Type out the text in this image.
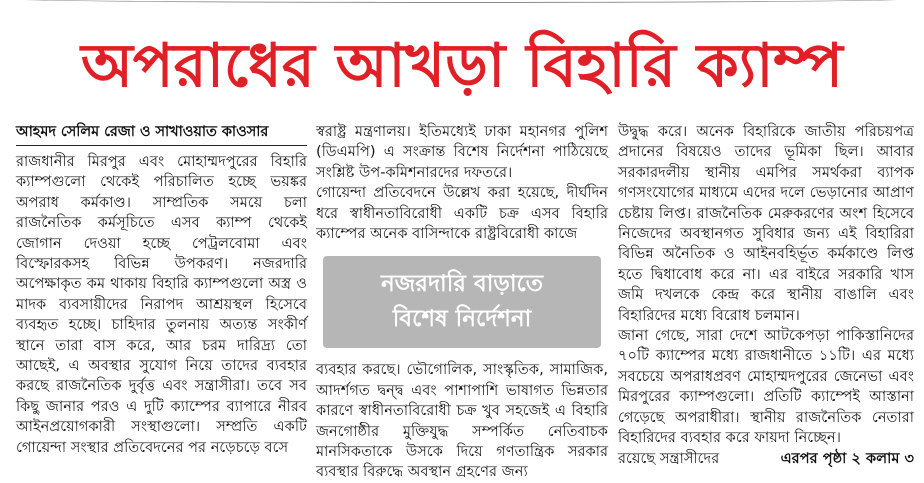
অপরাধের আখড়া বিহারি ক্যাম্প
আহমদ সেলিম রেজা ও সাখাওয়াত কাওসার

রাজধানীর মিরপুর এবং মোহাম্মদপুরের বিহারি ক্যাম্পগুলো থেকেই পরিচালিত হচ্ছে ভয়ঙ্কর অপরাধ কর্মকাণ্ড। সাম্প্রতিক সময়ে চলা রাজনৈতিক কর্মসূচিতে এসব ক্যাম্প থেকেই জোগান দেওয়া হচ্ছে পেট্রলবোমা এবং বিস্ফোরকসহ বিভিন্ন উপকরণ। নজরদারি অপেক্ষাকৃত কম থাকায় বিহারি ক্যাম্পগুলো অস্ত্র ও মাদক ব্যবসায়ীদের নিরাপদ আশ্রয়স্থল হিসেবে ব্যবহৃত হচ্ছে। চাহিদার তুলনায় অত্যন্ত সংকীর্ণ স্থানে তারা বাস করে, আর চরম দারিদ্র্য তো আছেই, এ অবস্থার সুযোগ নিয়ে তাদের ব্যবহার করছে রাজনৈতিক দুর্বৃত্ত এবং সন্ত্রাসীরা। তবে সব কিছু জানার পরও এ দুটি ক্যাম্পের ব্যাপারে নীরব আইনপ্রয়োগকারী সংস্থাগুলো। সম্প্রতি একটি গোয়েন্দা সংস্থার প্রতিবেদনের পর নড়েচড়ে বসে

স্বরাষ্ট্র মন্ত্রণালয়। ইতিমধ্যেই ঢাকা মহানগর পুলিশ (ডিএমপি) এ সংক্রান্ত বিশেষ নির্দেশনা পাঠিয়েছে সংশ্লিষ্ট উপ-কমিশনারদের দফতরে।

গোয়েন্দা প্রতিবেদনে উল্লেখ করা হয়েছে, দীর্ঘদিন ধরে স্বাধীনতাবিরোধী একটি চক্র এসব বিহারি ক্যাম্পের অনেক বাসিন্দাকে রাষ্ট্রবিরোধী কাজে

নজরদারি বাড়াতে
বিশেষ নির্দেশনা

ব্যবহার করছে। ভৌগোলিক, সাংস্কৃতিক, সামাজিক, আদর্শগত দ্বন্দ্ব এবং পাশাপাশি ভাষাগত ভিন্নতার কারণে স্বাধীনতাবিরোধী চক্র খুব সহজেই এ বিহারি জনগোষ্ঠীর মুক্তিযুদ্ধ সম্পর্কিত নেতিবাচক মানসিকতাকে উসকে দিয়ে গণতান্ত্রিক সরকার ব্যবস্থার বিরুদ্ধে অবস্থান গ্রহণের জন্য

উদ্বুদ্ধ করে। অনেক বিহারিকে জাতীয় পরিচয়পত্র প্রদানের বিষয়েও তাদের ভূমিকা ছিল। আবার সরকারদলীয় স্থানীয় এমপির সমর্থকরা ব্যাপক গণসংযোগের মাধ্যমে এদের দলে ভেড়ানোর আপ্রাণ চেষ্টায় লিপ্ত। রাজনৈতিক মেরুকরণের অংশ হিসেবে নিজেদের অবস্থানগত সুবিধার জন্য এই বিহারিরা বিভিন্ন অনৈতিক ও আইনবহির্ভূত কর্মকাণ্ডে লিপ্ত হতে দ্বিধাবোধ করে না। এর বাইরে সরকারি খাস জমি দখলকে কেন্দ্র করে স্থানীয় বাঙালি এবং বিহারিদের মধ্যে বিরোধ চলমান।

জানা গেছে, সারা দেশে আটকেপড়া পাকিস্তানিদের ৭০টি ক্যাম্পের মধ্যে রাজধানীতে ১১টি। এর মধ্যে সবচেয়ে অপরাধপ্রবণ মোহাম্মদপুরের জেনেভা এবং মিরপুরের ক্যাম্পগুলো। প্রতিটি ক্যাম্পেই আস্তানা গেড়েছে অপরাধীরা। স্থানীয় রাজনৈতিক নেতারা বিহারিদের ব্যবহার করে ফায়দা নিচ্ছেন।

রয়েছে সন্ত্রাসীদের	এরপর পৃষ্ঠা ২ কলাম ৩
